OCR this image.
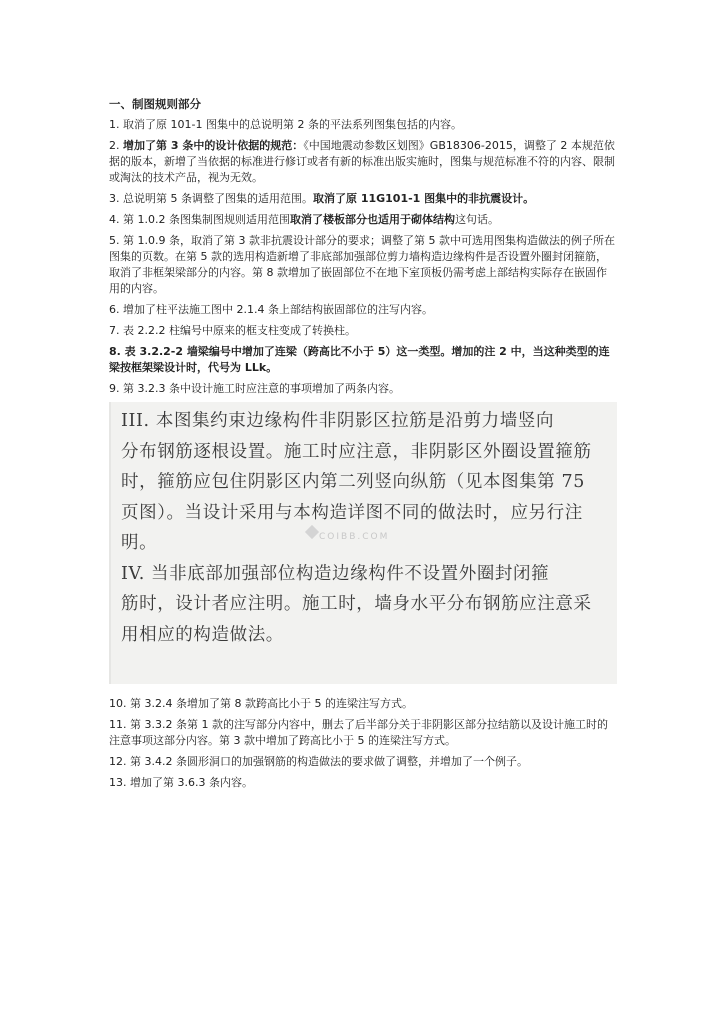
一、制图规则部分
1. 取消了原 101-1 图集中的总说明第 2 条的平法系列图集包括的内容。
2. 增加了第 3 条中的设计依据的规范：《中国地震动参数区划图》GB18306-2015，调整了 2 本规范依据的版本，新增了当依据的标准进行修订或者有新的标准出版实施时，图集与规范标准不符的内容、限制或淘汰的技术产品，视为无效。
3. 总说明第 5 条调整了图集的适用范围。取消了原 11G101-1 图集中的非抗震设计。
4. 第 1.0.2 条图集制图规则适用范围取消了楼板部分也适用于砌体结构这句话。
5. 第 1.0.9 条，取消了第 3 款非抗震设计部分的要求；调整了第 5 款中可选用图集构造做法的例子所在图集的页数。在第 5 款的选用构造新增了非底部加强部位剪力墙构造边缘构件是否设置外圈封闭箍筋，取消了非框架梁部分的内容。第 8 款增加了嵌固部位不在地下室顶板仍需考虑上部结构实际存在嵌固作用的内容。
6. 增加了柱平法施工图中 2.1.4 条上部结构嵌固部位的注写内容。
7. 表 2.2.2 柱编号中原来的框支柱变成了转换柱。
8. 表 3.2.2-2 墙梁编号中增加了连梁（跨高比不小于 5）这一类型。增加的注 2 中，当这种类型的连梁按框架梁设计时，代号为 LLk。
9. 第 3.2.3 条中设计施工时应注意的事项增加了两条内容。
III. 本图集约束边缘构件非阴影区拉筋是沿剪力墙竖向
分布钢筋逐根设置。施工时应注意，非阴影区外圈设置箍筋
时，箍筋应包住阴影区内第二列竖向纵筋（见本图集第 75
页图）。当设计采用与本构造详图不同的做法时，应另行注
明。
IV. 当非底部加强部位构造边缘构件不设置外圈封闭箍
筋时，设计者应注明。施工时，墙身水平分布钢筋应注意采
用相应的构造做法。
COIBB.COM
10. 第 3.2.4 条增加了第 8 款跨高比小于 5 的连梁注写方式。
11. 第 3.3.2 条第 1 款的注写部分内容中，删去了后半部分关于非阴影区部分拉结筋以及设计施工时的注意事项这部分内容。第 3 款中增加了跨高比小于 5 的连梁注写方式。
12. 第 3.4.2 条圆形洞口的加强钢筋的构造做法的要求做了调整，并增加了一个例子。
13. 增加了第 3.6.3 条内容。
